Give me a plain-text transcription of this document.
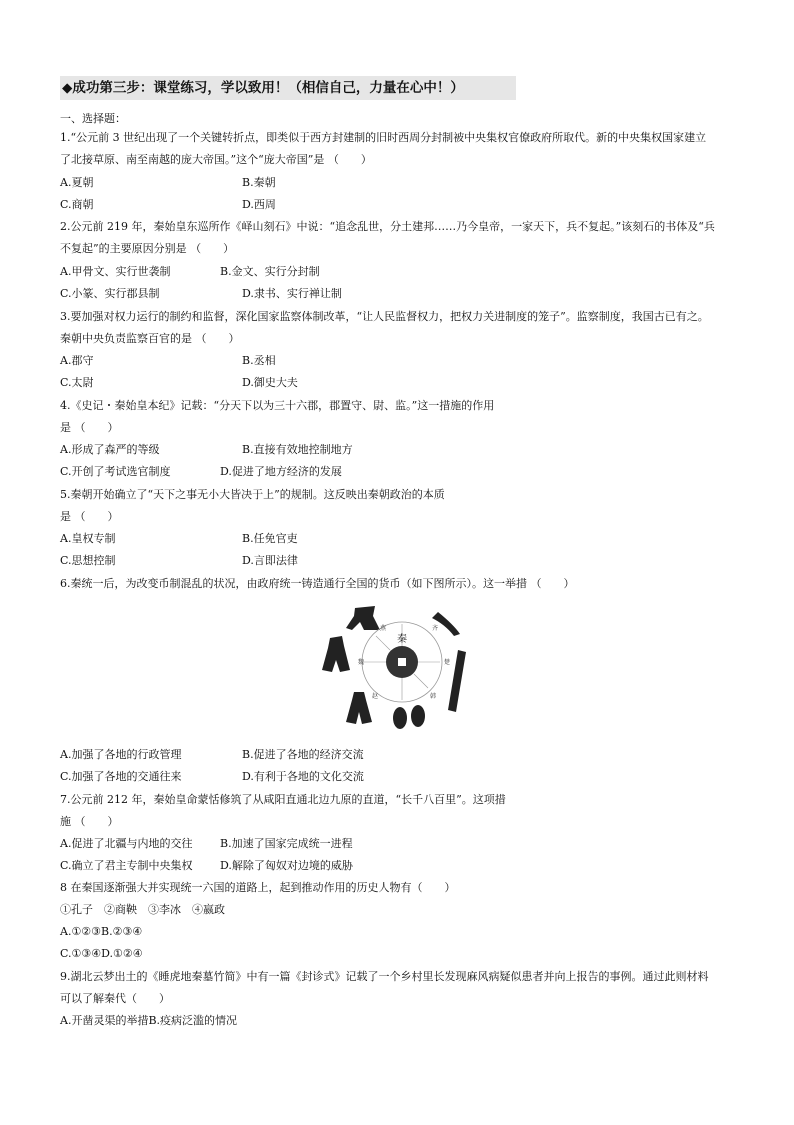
◆成功第三步：课堂练习，学以致用！（相信自己，力量在心中！）
一、选择题：
1.“公元前 3 世纪出现了一个关键转折点，即类似于西方封建制的旧时西周分封制被中央集权官僚政府所取代。新的中央集权国家建立
了北接草原、南至南越的庞大帝国。”这个“庞大帝国”是 （　　）
A.夏朝	B.秦朝
C.商朝	D.西周
2.公元前 219 年，秦始皇东巡所作《峄山刻石》中说：“追念乱世，分土建邦……乃今皇帝，一家天下，兵不复起。”该刻石的书体及“兵
不复起”的主要原因分别是 （　　）
A.甲骨文、实行世袭制	B.金文、实行分封制
C.小篆、实行郡县制	D.隶书、实行禅让制
3.要加强对权力运行的制约和监督，深化国家监察体制改革，“让人民监督权力，把权力关进制度的笼子”。监察制度，我国古已有之。
秦朝中央负责监察百官的是 （　　）
A.郡守	B.丞相
C.太尉	D.御史大夫
4.《史记・秦始皇本纪》记载：“分天下以为三十六郡，郡置守、尉、监。”这一措施的作用
是 （　　）
A.形成了森严的等级	B.直接有效地控制地方
C.开创了考试选官制度	D.促进了地方经济的发展
5.秦朝开始确立了“天下之事无小大皆决于上”的规制。这反映出秦朝政治的本质
是 （　　）
A.皇权专制	B.任免官吏
C.思想控制	D.言即法律
6.秦统一后，为改变币制混乱的状况，由政府统一铸造通行全国的货币（如下图所示）。这一举措 （　　）
秦
燕	齐
楚
韩
赵
魏
A.加强了各地的行政管理	B.促进了各地的经济交流
C.加强了各地的交通往来	D.有利于各地的文化交流
7.公元前 212 年，秦始皇命蒙恬修筑了从咸阳直通北边九原的直道，“长千八百里”。这项措
施 （　　）
A.促进了北疆与内地的交往	B.加速了国家完成统一进程
C.确立了君主专制中央集权 D.解除了匈奴对边境的威胁
8 在秦国逐渐强大并实现统一六国的道路上，起到推动作用的历史人物有（　　）
①孔子　②商鞅　③李冰　④嬴政
A.①②③B.②③④
C.①③④D.①②④
9.湖北云梦出土的《睡虎地秦墓竹简》中有一篇《封诊式》记载了一个乡村里长发现麻风病疑似患者并向上报告的事例。通过此则材料
可以了解秦代（　　）
A.开凿灵渠的举措B.疫病泛滥的情况
